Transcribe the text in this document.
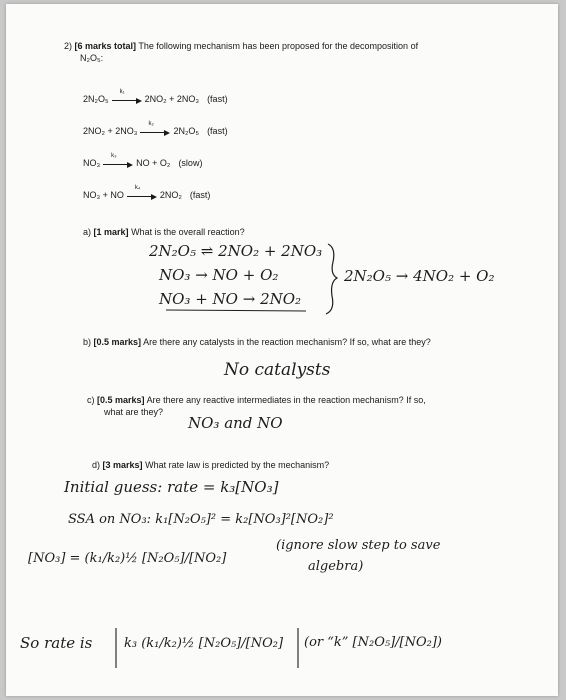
2) [6 marks total] The following mechanism has been proposed for the decomposition of
N₂O₅:
2N₂O₅
k₁
2NO₂ + 2NO₃ (fast)
2NO₂ + 2NO₃
k₂
2N₂O₅ (fast)
NO₃
k₃
NO + O₂ (slow)
NO₃ + NO
k₄
2NO₂ (fast)
a) [1 mark] What is the overall reaction?
2N₂O₅ ⇌ 2NO₂ + 2NO₃
NO₃ → NO + O₂
NO₃ + NO → 2NO₂
2N₂O₅ → 4NO₂ + O₂
b) [0.5 marks] Are there any catalysts in the reaction mechanism? If so, what are they?
No catalysts
c) [0.5 marks] Are there any reactive intermediates in the reaction mechanism? If so,
what are they?
NO₃ and NO
d) [3 marks] What rate law is predicted by the mechanism?
Initial guess: rate = k₃[NO₃]
SSA on NO₃: k₁[N₂O₅]² = k₂[NO₃]²[NO₂]²
[NO₃] = (k₁/k₂)½ [N₂O₅]/[NO₂]
(ignore slow step to save
algebra)
So rate is k₃ (k₁/k₂)½ [N₂O₅]/[NO₂] (or “k” [N₂O₅]/[NO₂])
